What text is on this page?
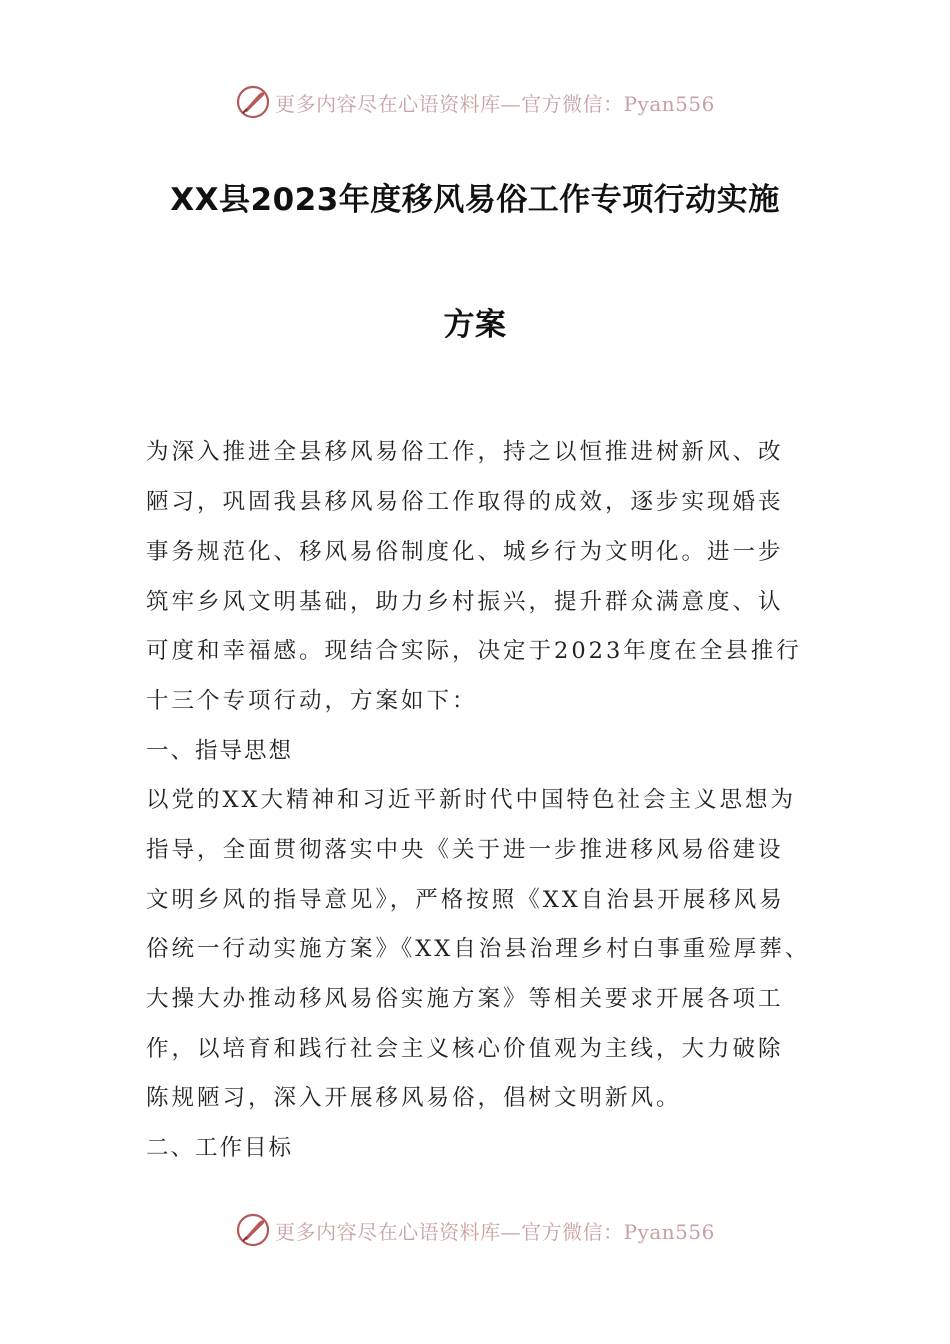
更多内容尽在心语资料库—官方微信：Pyan556
XX县2023年度移风易俗工作专项行动实施
方案
为深入推进全县移风易俗工作，持之以恒推进树新风、改
陋习，巩固我县移风易俗工作取得的成效，逐步实现婚丧
事务规范化、移风易俗制度化、城乡行为文明化。进一步
筑牢乡风文明基础，助力乡村振兴，提升群众满意度、认
可度和幸福感。现结合实际，决定于2023年度在全县推行
十三个专项行动，方案如下：
一、指导思想
以党的XX大精神和习近平新时代中国特色社会主义思想为
指导，全面贯彻落实中央《关于进一步推进移风易俗建设
文明乡风的指导意见》，严格按照《XX自治县开展移风易
俗统一行动实施方案》《XX自治县治理乡村白事重殓厚葬、
大操大办推动移风易俗实施方案》等相关要求开展各项工
作，以培育和践行社会主义核心价值观为主线，大力破除
陈规陋习，深入开展移风易俗，倡树文明新风。
二、工作目标
更多内容尽在心语资料库—官方微信：Pyan556
